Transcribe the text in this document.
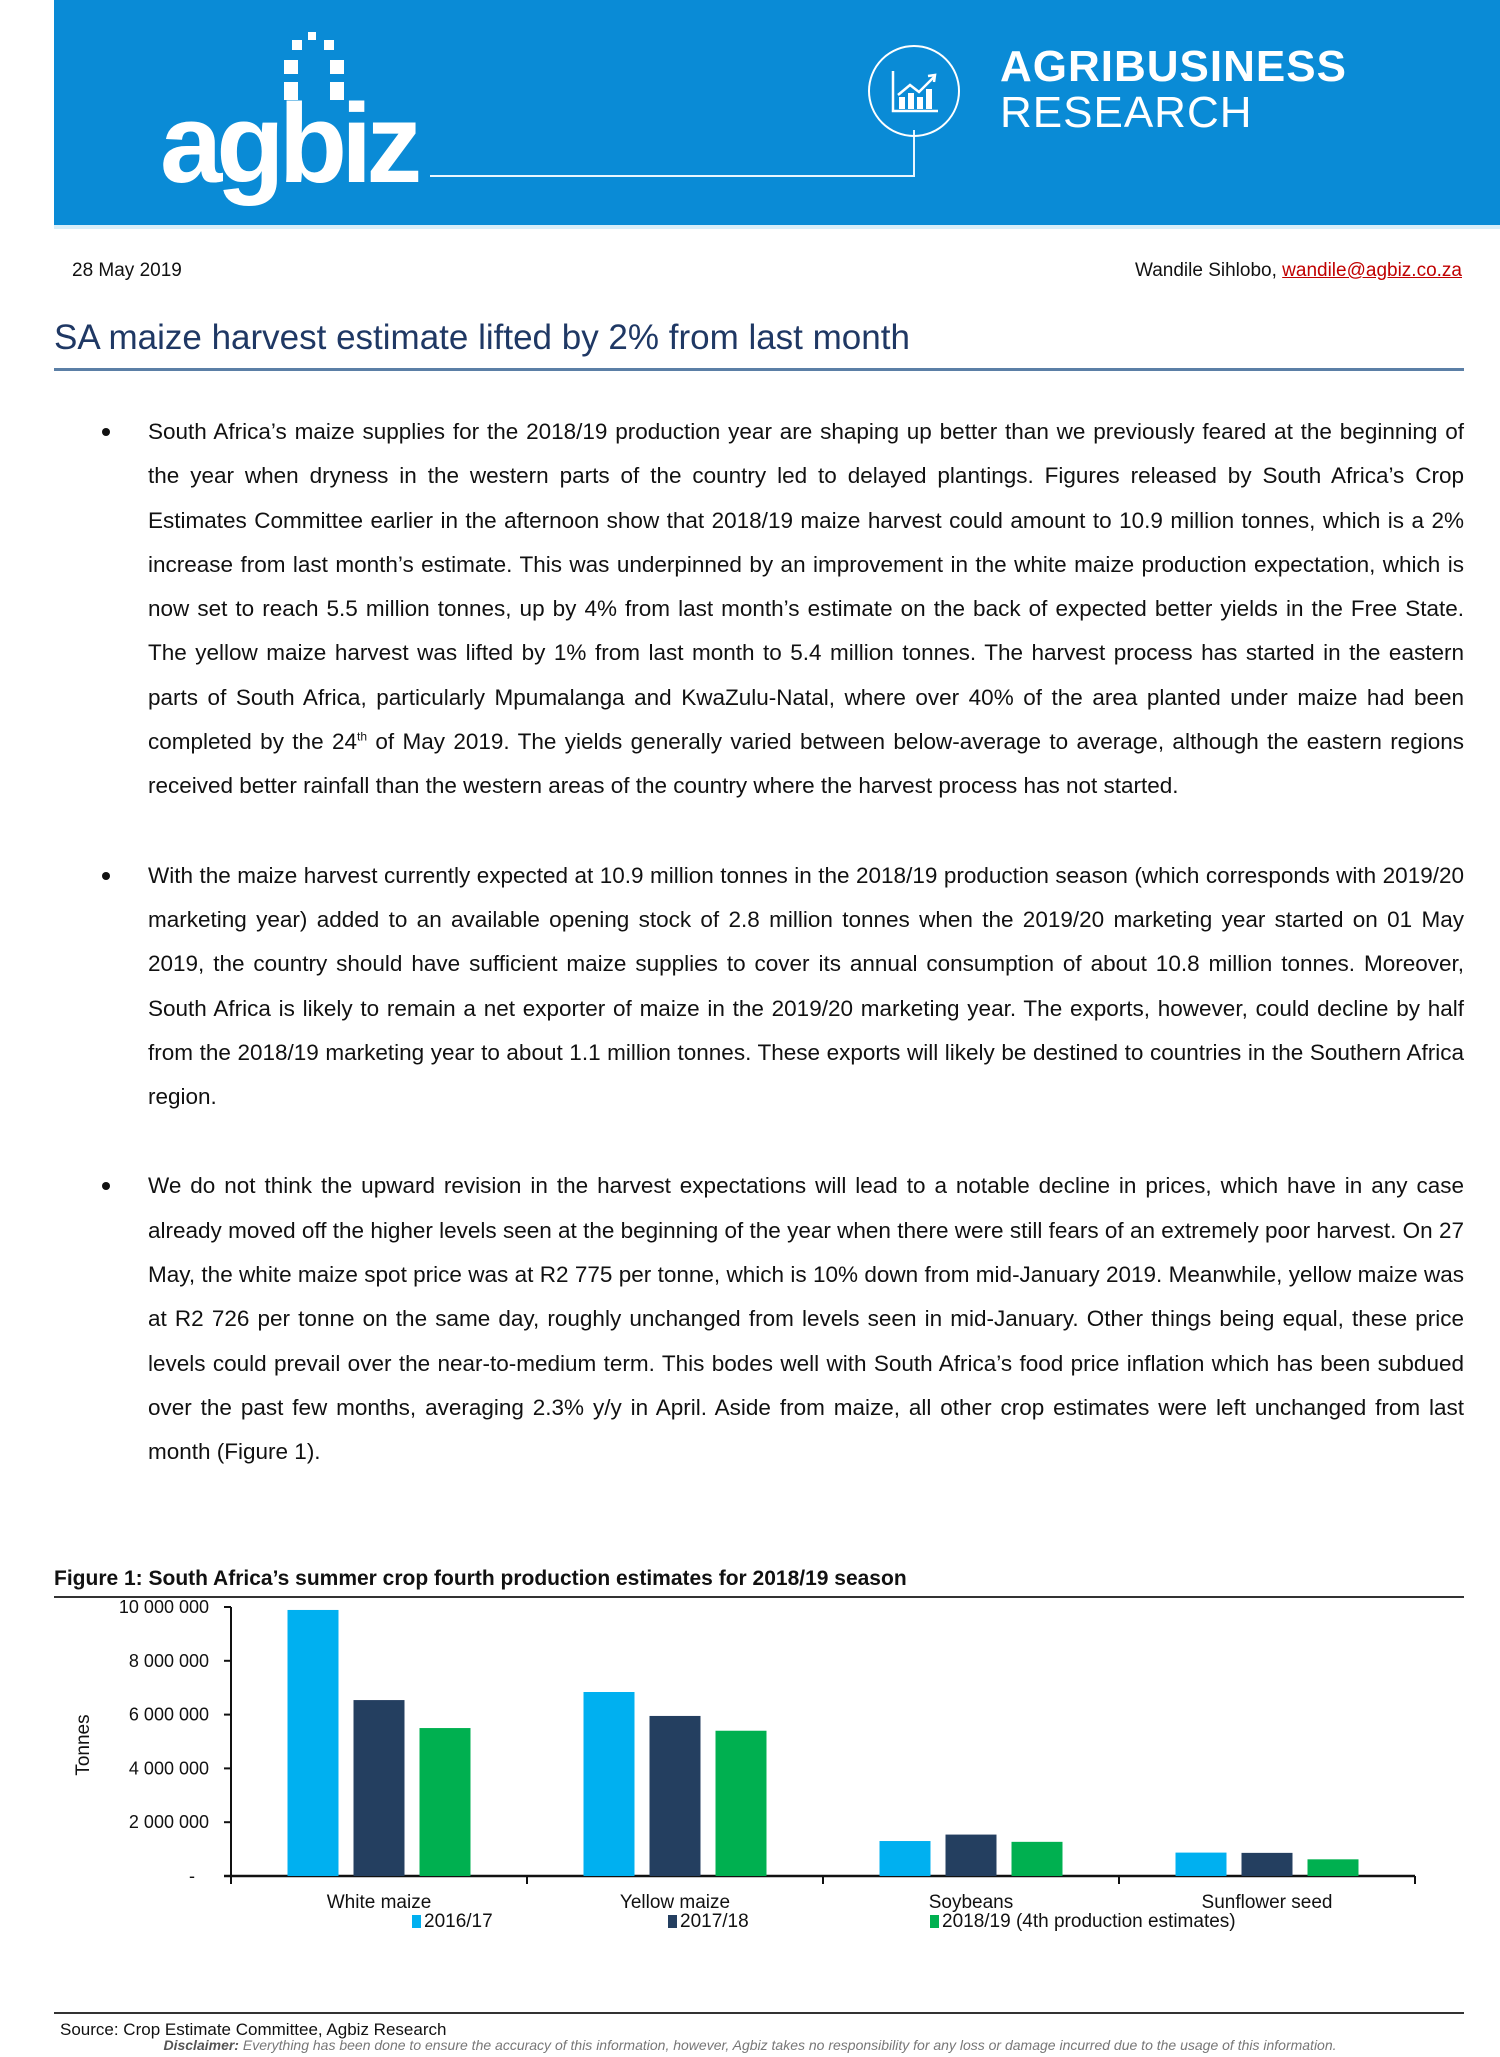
agbiz
AGRIBUSINESS
RESEARCH
28 May 2019	Wandile Sihlobo, wandile@agbiz.co.za
SA maize harvest estimate lifted by 2% from last month

South Africa’s maize supplies for the 2018/19 production year are shaping up better than we previously feared at the beginning of the year when dryness in the western parts of the country led to delayed plantings. Figures released by South Africa’s Crop Estimates Committee earlier in the afternoon show that 2018/19 maize harvest could amount to 10.9 million tonnes, which is a 2% increase from last month’s estimate. This was underpinned by an improvement in the white maize production expectation, which is now set to reach 5.5 million tonnes, up by 4% from last month’s estimate on the back of expected better yields in the Free State. The yellow maize harvest was lifted by 1% from last month to 5.4 million tonnes. The harvest process has started in the eastern parts of South Africa, particularly Mpumalanga and KwaZulu-Natal, where over 40% of the area planted under maize had been completed by the 24th of May 2019. The yields generally varied between below-average to average, although the eastern regions received better rainfall than the western areas of the country where the harvest process has not started.

With the maize harvest currently expected at 10.9 million tonnes in the 2018/19 production season (which corresponds with 2019/20 marketing year) added to an available opening stock of 2.8 million tonnes when the 2019/20 marketing year started on 01 May 2019, the country should have sufficient maize supplies to cover its annual consumption of about 10.8 million tonnes. Moreover, South Africa is likely to remain a net exporter of maize in the 2019/20 marketing year. The exports, however, could decline by half from the 2018/19 marketing year to about 1.1 million tonnes. These exports will likely be destined to countries in the Southern Africa region.

We do not think the upward revision in the harvest expectations will lead to a notable decline in prices, which have in any case already moved off the higher levels seen at the beginning of the year when there were still fears of an extremely poor harvest. On 27 May, the white maize spot price was at R2 775 per tonne, which is 10% down from mid-January 2019. Meanwhile, yellow maize was at R2 726 per tonne on the same day, roughly unchanged from levels seen in mid-January. Other things being equal, these price levels could prevail over the near-to-medium term. This bodes well with South Africa’s food price inflation which has been subdued over the past few months, averaging 2.3% y/y in April. Aside from maize, all other crop estimates were left unchanged from last month (Figure 1).

Figure 1: South Africa’s summer crop fourth production estimates for 2018/19 season
-
2 000 000
4 000 000
6 000 000
8 000 000
10 000 000
White maize	Yellow maize	Soybeans	Sunflower seed
2016/17	2017/18	2018/19 (4th production estimates)
Tonnes
Source: Crop Estimate Committee, Agbiz Research
Disclaimer: Everything has been done to ensure the accuracy of this information, however, Agbiz takes no responsibility for any loss or damage incurred due to the usage of this information.
